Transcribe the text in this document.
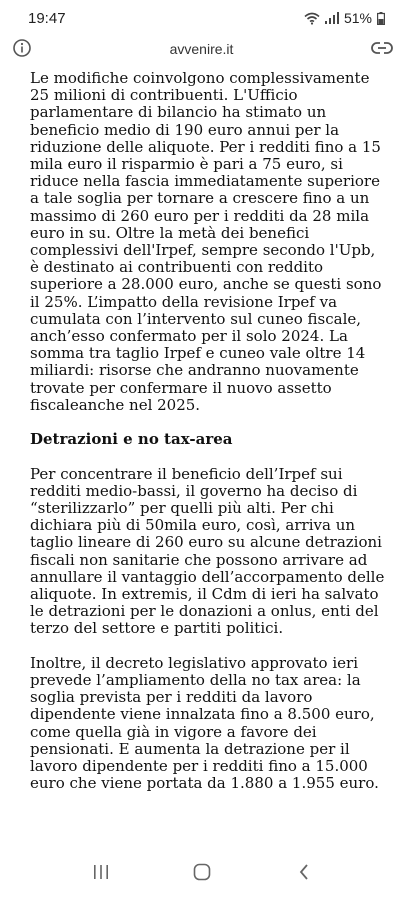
19:47	51%
avvenire.it

Le modifiche coinvolgono complessivamente 25 milioni di contribuenti. L'Ufficio parlamentare di bilancio ha stimato un beneficio medio di 190 euro annui per la riduzione delle aliquote. Per i redditi fino a 15 mila euro il risparmio è pari a 75 euro, si riduce nella fascia immediatamente superiore a tale soglia per tornare a crescere fino a un massimo di 260 euro per i redditi da 28 mila euro in su. Oltre la metà dei benefici complessivi dell'Irpef, sempre secondo l'Upb, è destinato ai contribuenti con reddito superiore a 28.000 euro, anche se questi sono il 25%. L’impatto della revisione Irpef va cumulata con l’intervento sul cuneo fiscale, anch’esso confermato per il solo 2024. La somma tra taglio Irpef e cuneo vale oltre 14 miliardi: risorse che andranno nuovamente trovate per confermare il nuovo assetto fiscaleanche nel 2025.

Detrazioni e no tax-area

Per concentrare il beneficio dell’Irpef sui redditi medio-bassi, il governo ha deciso di “sterilizzarlo” per quelli più alti. Per chi dichiara più di 50mila euro, così, arriva un taglio lineare di 260 euro su alcune detrazioni fiscali non sanitarie che possono arrivare ad annullare il vantaggio dell’accorpamento delle aliquote. In extremis, il Cdm di ieri ha salvato le detrazioni per le donazioni a onlus, enti del terzo del settore e partiti politici.

Inoltre, il decreto legislativo approvato ieri prevede l’ampliamento della no tax area: la soglia prevista per i redditi da lavoro dipendente viene innalzata fino a 8.500 euro, come quella già in vigore a favore dei pensionati. E aumenta la detrazione per il lavoro dipendente per i redditi fino a 15.000 euro che viene portata da 1.880 a 1.955 euro.
